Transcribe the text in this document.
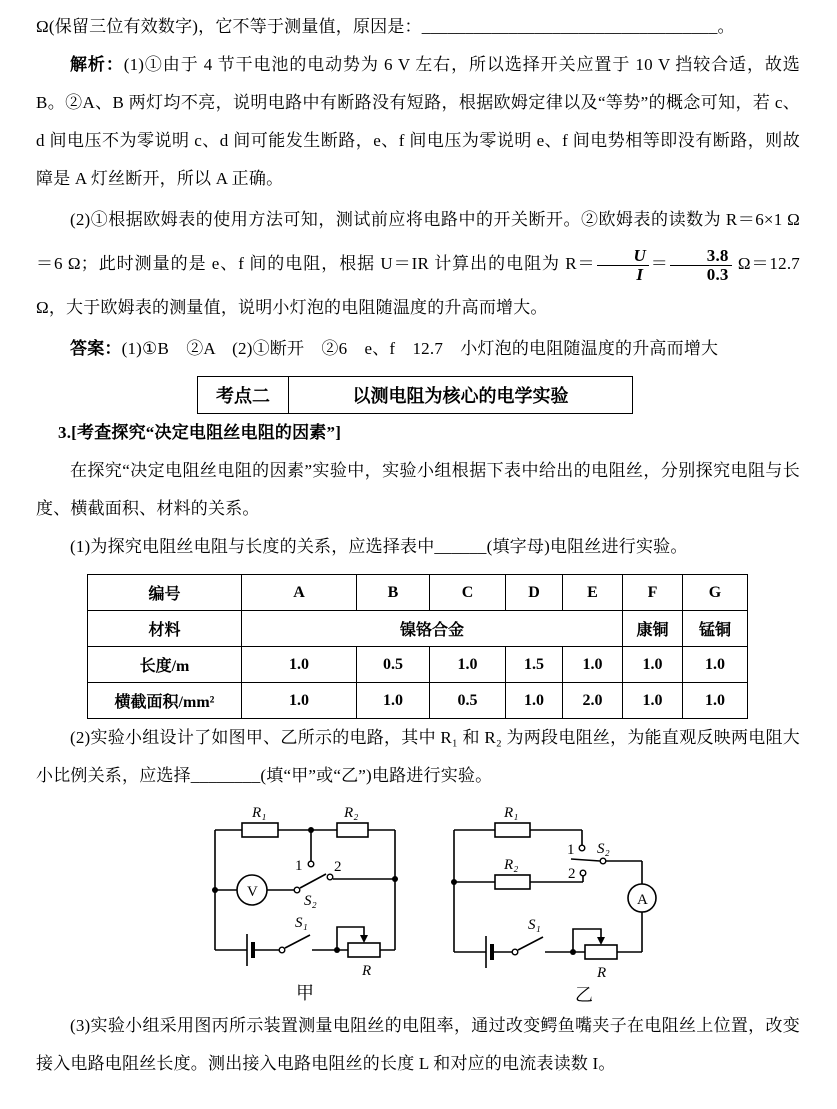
Ω(保留三位有效数字)，它不等于测量值，原因是：__________________________________。

解析：(1)①由于 4 节干电池的电动势为 6 V 左右，所以选择开关应置于 10 V 挡较合适，故选 B。②A、B 两灯均不亮，说明电路中有断路没有短路，根据欧姆定律以及“等势”的概念可知，若 c、d 间电压不为零说明 c、d 间可能发生断路，e、f 间电压为零说明 e、f 间电势相等即没有断路，则故障是 A 灯丝断开，所以 A 正确。

(2)①根据欧姆表的使用方法可知，测试前应将电路中的开关断开。②欧姆表的读数为 R＝6×1 Ω＝6 Ω；此时测量的是 e、f 间的电阻，根据 U＝IR 计算出的电阻为 $R= \frac{U}{I} = \frac{3.8}{0.3} \Omega=12.7$　Ω，大于欧姆表的测量值，说明小灯泡的电阻随温度的升高而增大。

答案：(1)①B　②A　(2)①断开　②6　e、f　12.7　小灯泡的电阻随温度的升高而增大

考点二	以测电阻为核心的电学实验

3.[考查探究“决定电阻丝电阻的因素”]

在探究“决定电阻丝电阻的因素”实验中，实验小组根据下表中给出的电阻丝，分别探究电阻与长度、横截面积、材料的关系。

(1)为探究电阻丝电阻与长度的关系，应选择表中______(填字母)电阻丝进行实验。

编号	A	B	C	D	E	F	G
材料	镍铬合金					康铜	锰铜
长度/m	1.0	0.5	1.0	1.5	1.0	1.0	1.0
横截面积/mm²	1.0	1.0	0.5	1.0	2.0	1.0	1.0

(2)实验小组设计了如图甲、乙所示的电路，其中 R₁ 和 R₂ 为两段电阻丝，为能直观反映两电阻大小比例关系，应选择________(填“甲”或“乙”)电路进行实验。

S₁
R
R₁	R₂
1
V
S₂
2
甲
R₁
1
R₂
2
S₂
A
S₁
R
乙

(3)实验小组采用图丙所示装置测量电阻丝的电阻率，通过改变鳄鱼嘴夹子在电阻丝上位置，改变接入电路电阻丝长度。测出接入电路电阻丝的长度 L 和对应的电流表读数 I。
